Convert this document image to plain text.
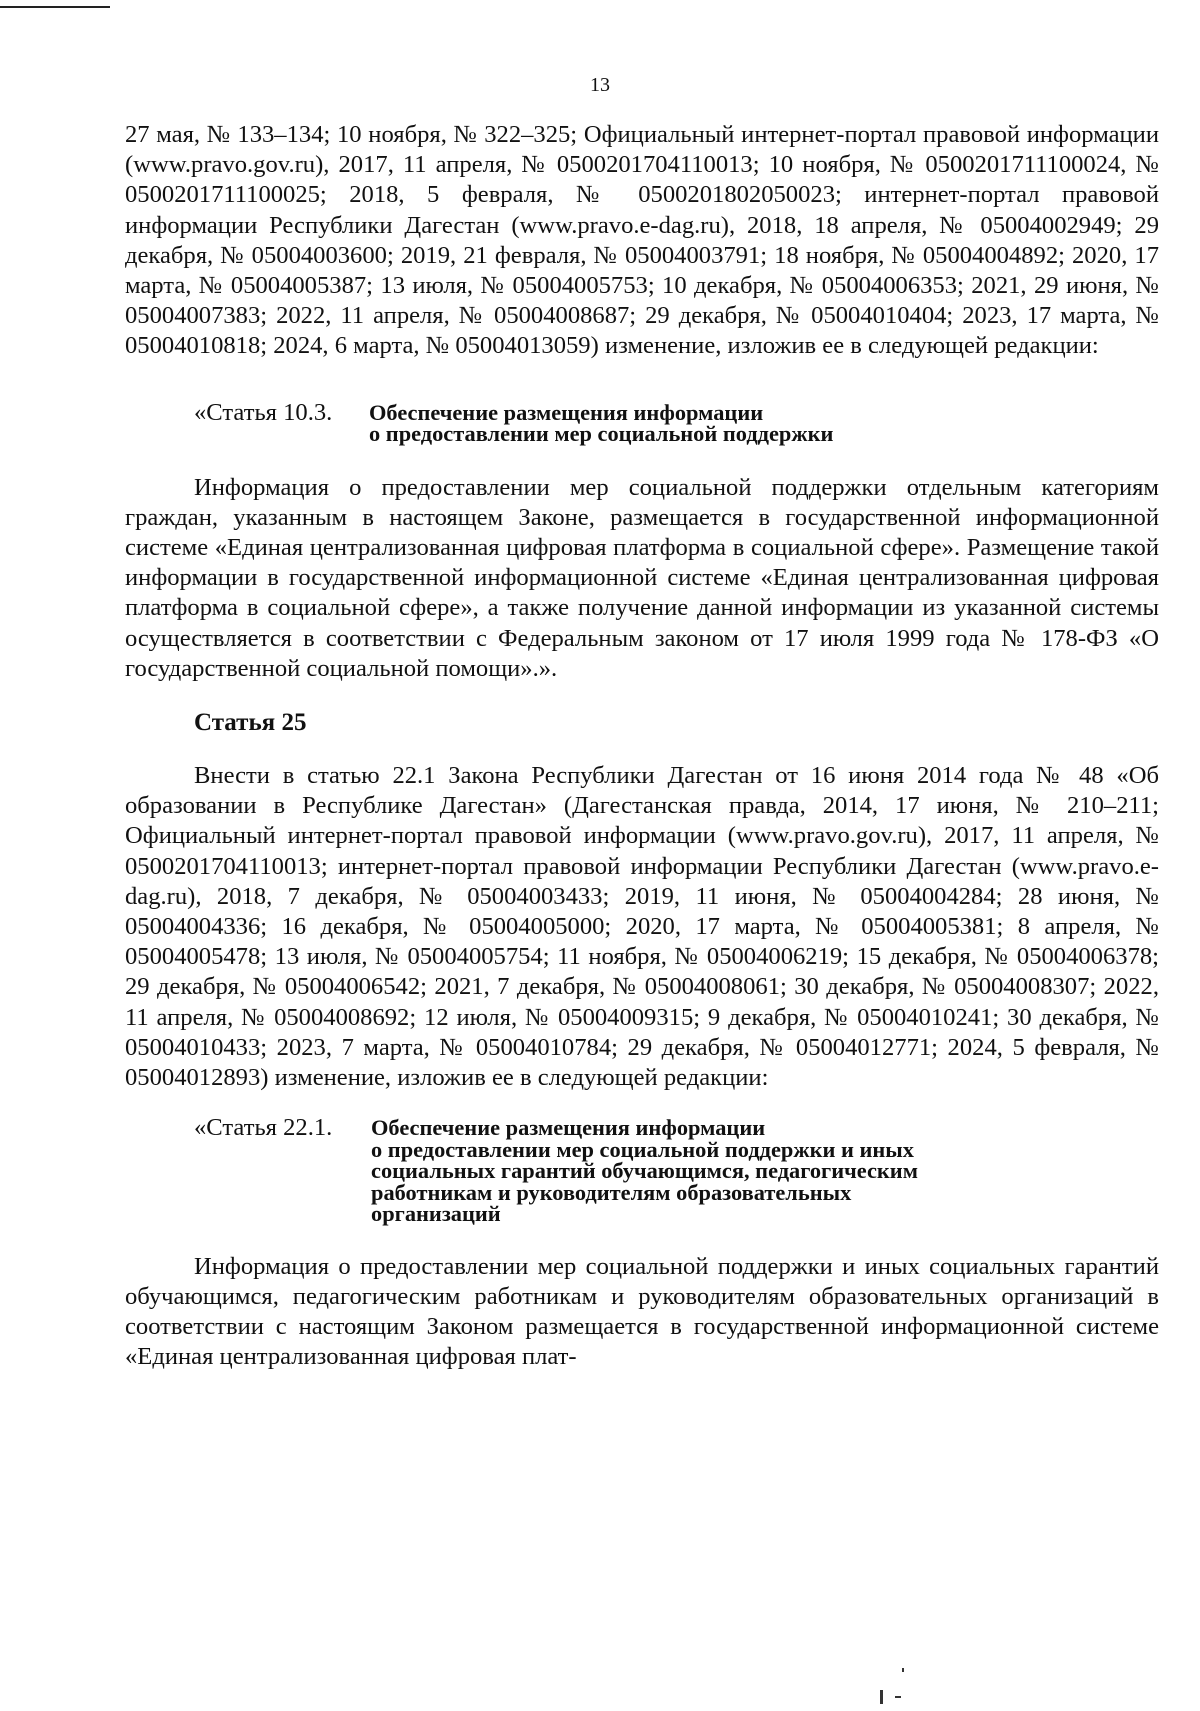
13

27 мая, № 133–134; 10 ноября, № 322–325; Официальный интернет-портал правовой информации (www.pravo.gov.ru), 2017, 11 апреля, № 0500201704110013; 10 ноября, № 0500201711100024, № 0500201711100025; 2018, 5 февраля, № 0500201802050023; интернет-портал правовой информации Республики Дагестан (www.pravo.e-dag.ru), 2018, 18 апреля, № 05004002949; 29 декабря, № 05004003600; 2019, 21 февраля, № 05004003791; 18 ноября, № 05004004892; 2020, 17 марта, № 05004005387; 13 июля, № 05004005753; 10 декабря, № 05004006353; 2021, 29 июня, № 05004007383; 2022, 11 апреля, № 05004008687; 29 декабря, № 05004010404; 2023, 17 марта, № 05004010818; 2024, 6 марта, № 05004013059) изменение, изложив ее в следующей редакции:

«Статья 10.3.	Обеспечение размещения информации
о предоставлении мер социальной поддержки

Информация о предоставлении мер социальной поддержки отдельным категориям граждан, указанным в настоящем Законе, размещается в государственной информационной системе «Единая централизованная цифровая платформа в социальной сфере». Размещение такой информации в государственной информационной системе «Единая централизованная цифровая платформа в социальной сфере», а также получение данной информации из указанной системы осуществляется в соответствии с Федеральным законом от 17 июля 1999 года № 178-ФЗ «О государственной социальной помощи».».

Статья 25

Внести в статью 22.1 Закона Республики Дагестан от 16 июня 2014 года № 48 «Об образовании в Республике Дагестан» (Дагестанская правда, 2014, 17 июня, № 210–211; Официальный интернет-портал правовой информации (www.pravo.gov.ru), 2017, 11 апреля, № 0500201704110013; интернет-портал правовой информации Республики Дагестан (www.pravo.e-dag.ru), 2018, 7 декабря, № 05004003433; 2019, 11 июня, № 05004004284; 28 июня, № 05004004336; 16 декабря, № 05004005000; 2020, 17 марта, № 05004005381; 8 апреля, № 05004005478; 13 июля, № 05004005754; 11 ноября, № 05004006219; 15 декабря, № 05004006378; 29 декабря, № 05004006542; 2021, 7 декабря, № 05004008061; 30 декабря, № 05004008307; 2022, 11 апреля, № 05004008692; 12 июля, № 05004009315; 9 декабря, № 05004010241; 30 декабря, № 05004010433; 2023, 7 марта, № 05004010784; 29 декабря, № 05004012771; 2024, 5 февраля, № 05004012893) изменение, изложив ее в следующей редакции:

«Статья 22.1.	Обеспечение размещения информации
о предоставлении мер социальной поддержки и иных
социальных гарантий обучающимся, педагогическим
работникам и руководителям образовательных
организаций

Информация о предоставлении мер социальной поддержки и иных социальных гарантий обучающимся, педагогическим работникам и руководителям образовательных организаций в соответствии с настоящим Законом размещается в государственной информационной системе «Единая централизованная цифровая плат-
